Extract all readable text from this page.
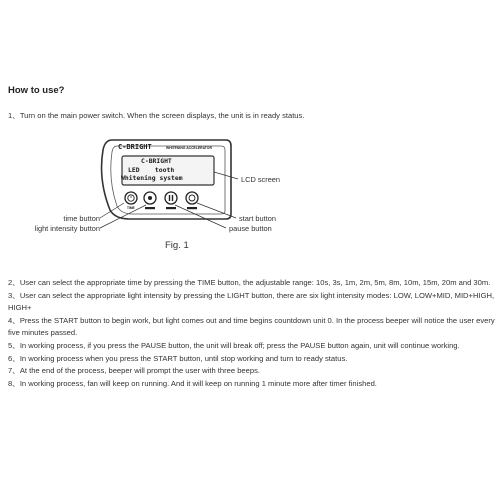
How to use?
1、Turn on the main power switch. When the screen displays, the unit is in ready status.
C-BRIGHT	WHITENING ACCELERATOR
C-BRIGHT
LED    tooth
Whitening system
TIME
LCD screen
time button
light intensity button
start button
pause button
Fig. 1

2、User can select the appropriate time by pressing the TIME button, the adjustable range: 10s, 3s, 1m, 2m, 5m, 8m, 10m, 15m, 20m and 30m.

3、User can select the appropriate light intensity by pressing the LIGHT button, there are six light intensity modes: LOW, LOW+MID, MID+HIGH, HIGH+

4、Press the START button to begin work, but light comes out and time begins countdown unit 0. In the process beeper will notice the user every five minutes passed.

5、In working process, if you press the PAUSE button, the unit will break off; press the PAUSE button again, unit will continue working.

6、In working process when you press the START button, until stop working and turn to ready status.

7、At the end of the process, beeper will prompt the user with three beeps.

8、In working process, fan will keep on running. And it will keep on running 1 minute more after timer finished.
